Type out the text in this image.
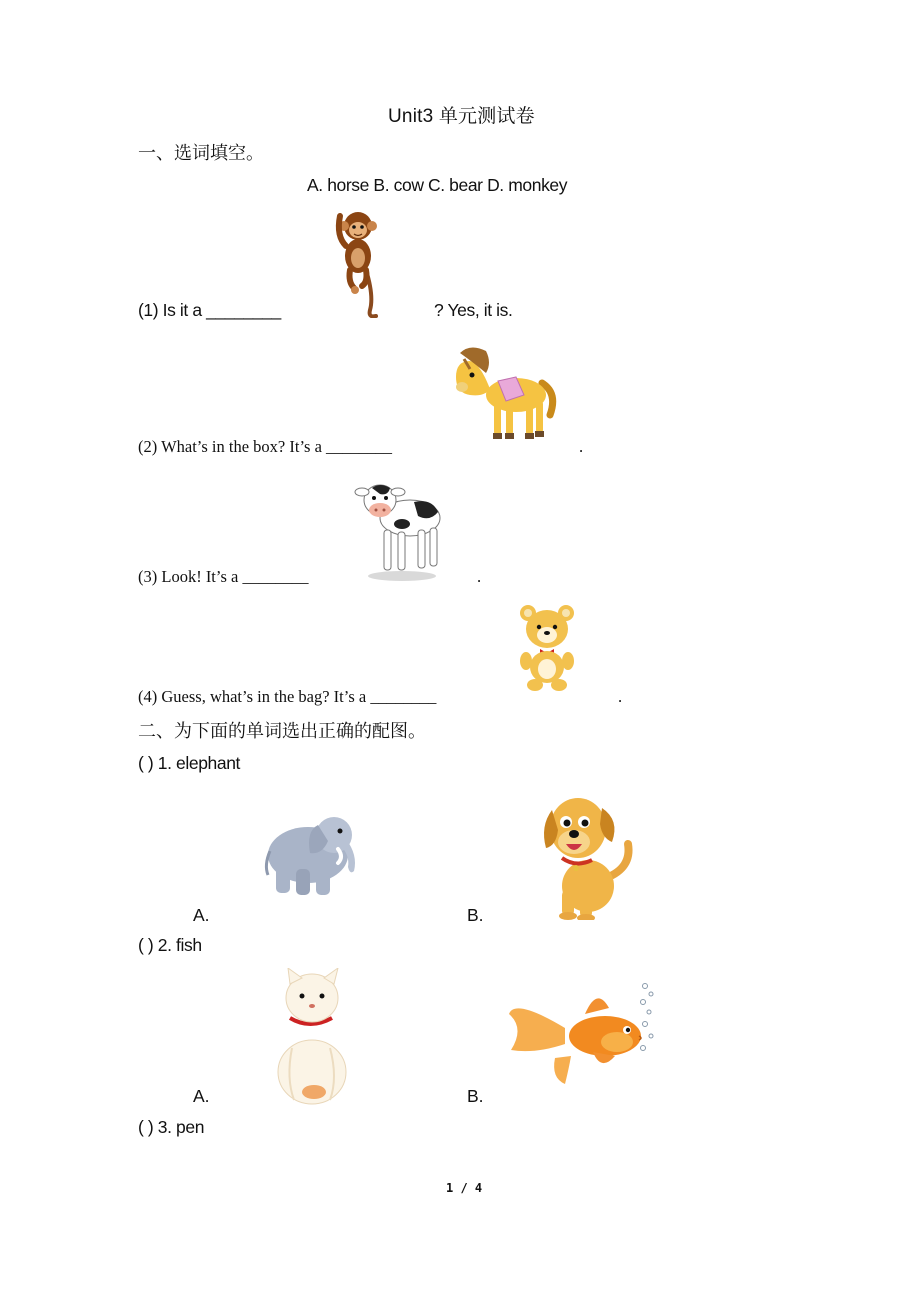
Unit3 单元测试卷
一、选词填空。
A. horse B. cow C. bear D. monkey
(1) Is it a ________	? Yes, it is.
(2) What’s in the box? It’s a ________	.
(3) Look! It’s a ________	.
(4) Guess, what’s in the bag? It’s a ________	.
二、为下面的单词选出正确的配图。
( ) 1. elephant
A.	B.
( ) 2. fish
A.	B.
( ) 3. pen
1 / 4
